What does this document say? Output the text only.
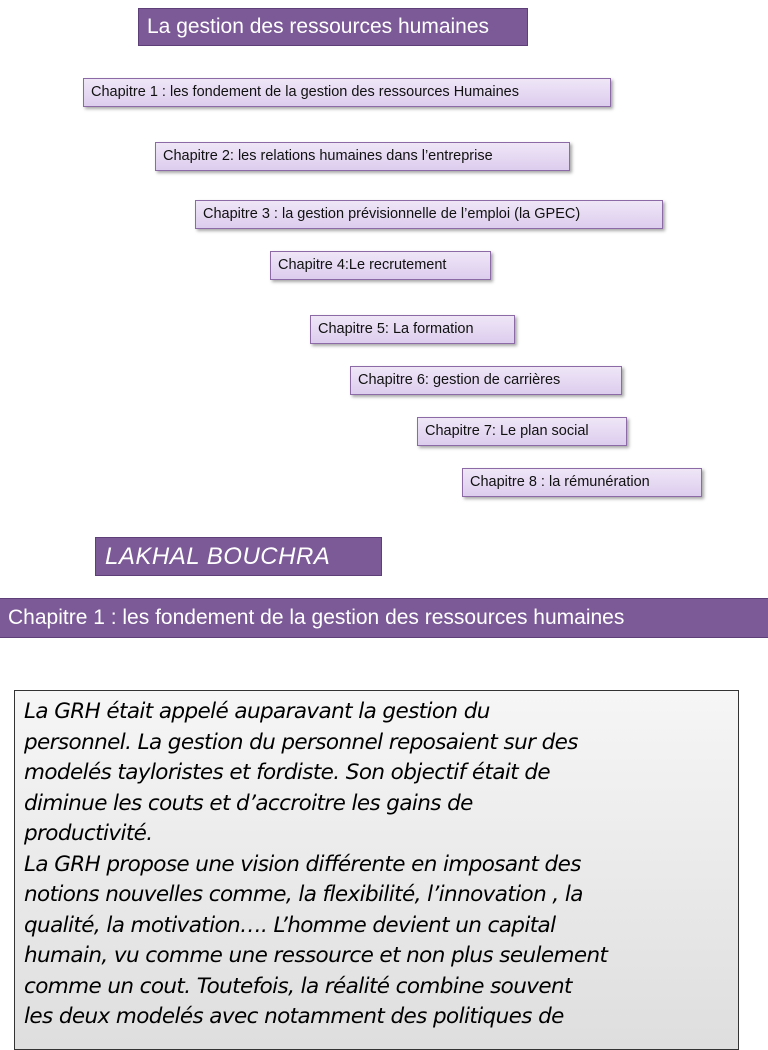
La gestion des ressources humaines
Chapitre 1 : les fondement de la gestion des ressources Humaines
Chapitre 2: les relations humaines dans l’entreprise
Chapitre 3 : la gestion prévisionnelle de l’emploi (la GPEC)
Chapitre 4:Le recrutement
Chapitre 5: La formation
Chapitre 6: gestion de carrières
Chapitre 7: Le plan social
Chapitre 8 : la rémunération
LAKHAL BOUCHRA
Chapitre 1 : les fondement de la gestion des ressources humaines

La GRH était appelé auparavant la gestion du
personnel. La gestion du personnel reposaient sur des
modelés tayloristes et fordiste. Son objectif était de
diminue les couts et d’accroitre les gains de
productivité.

La GRH propose une vision différente en imposant des
notions nouvelles comme, la flexibilité, l’innovation , la
qualité, la motivation…. L’homme devient un capital
humain, vu comme une ressource et non plus seulement
comme un cout. Toutefois, la réalité combine souvent
les deux modelés avec notamment des politiques de
